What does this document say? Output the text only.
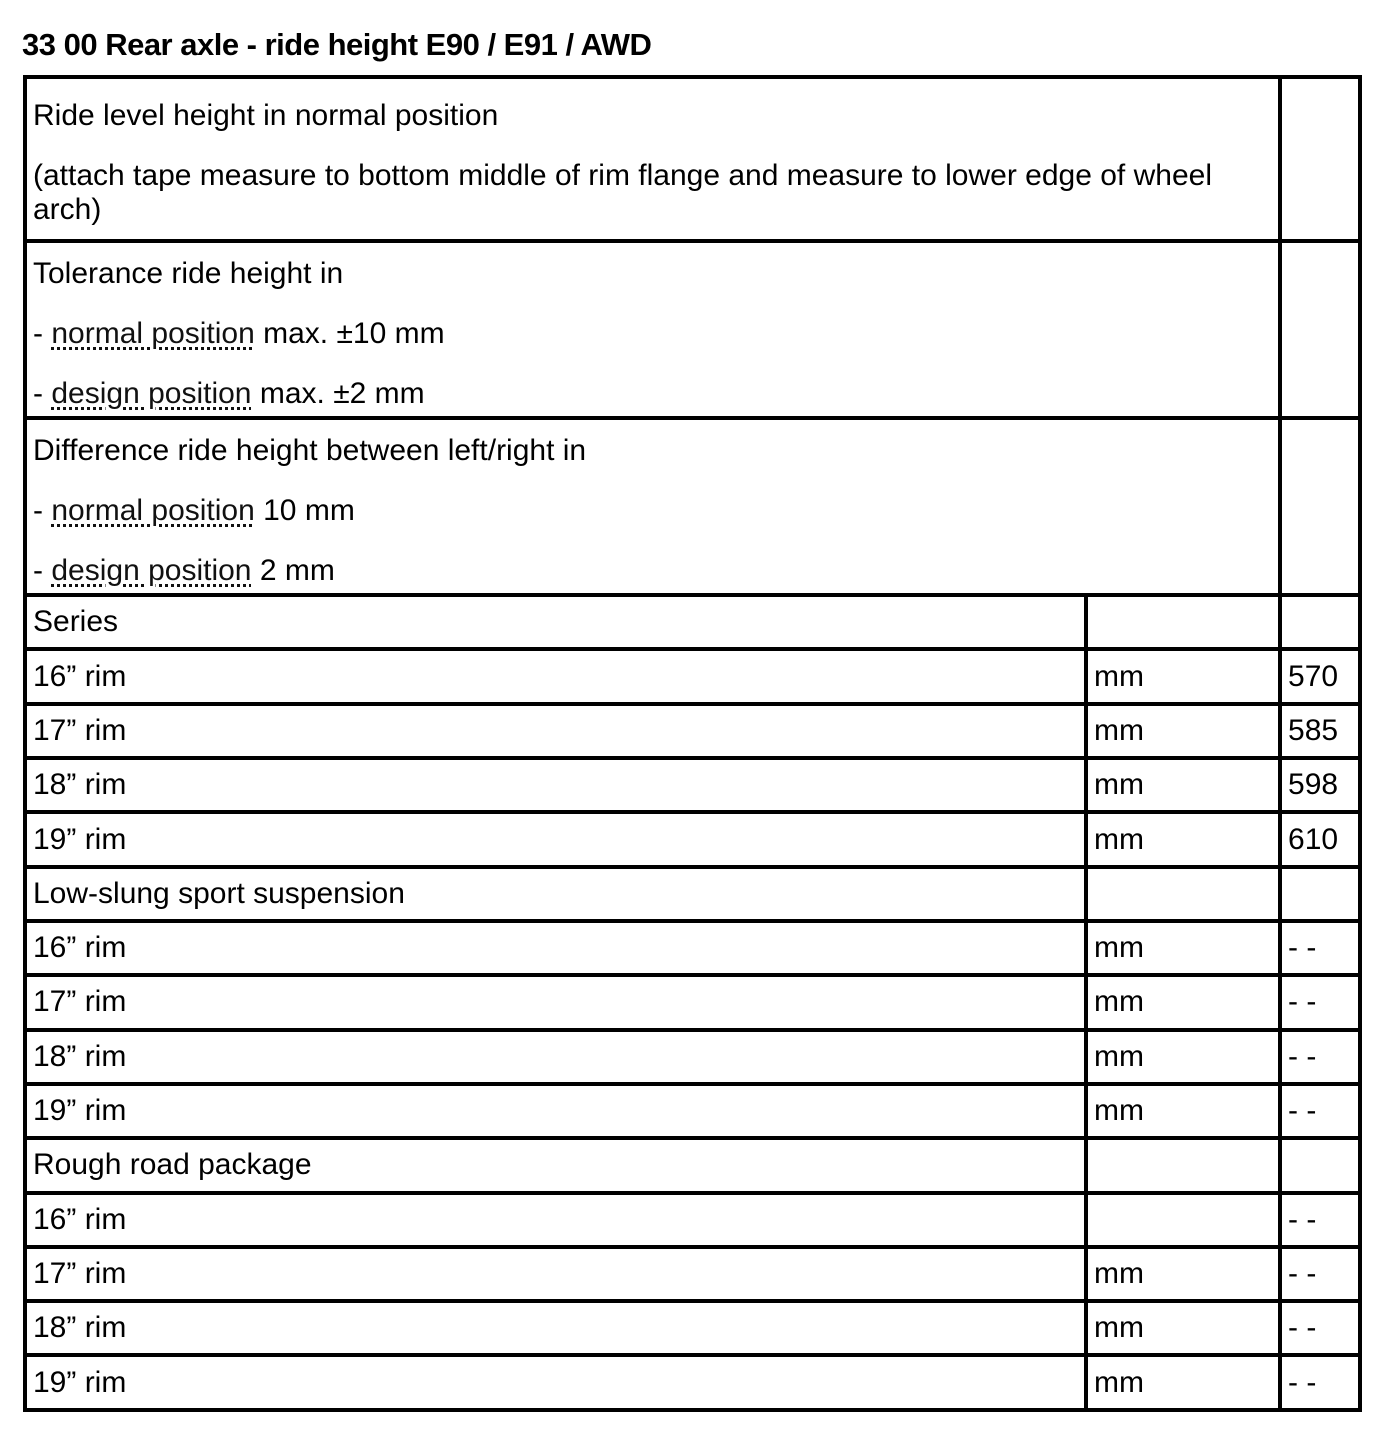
33 00 Rear axle - ride height E90 / E91 / AWD
Ride level height in normal position
(attach tape measure to bottom middle of rim flange and measure to lower edge of wheel arch)		

Tolerance ride height in
- normal position max. ±10 mm
- design position max. ±2 mm		

Difference ride height between left/right in
- normal position 10 mm
- design position 2 mm		

Series		
16” rim	mm	570
17” rim	mm	585
18” rim	mm	598
19” rim	mm	610
Low-slung sport suspension		
16” rim	mm	- -
17” rim	mm	- -
18” rim	mm	- -
19” rim	mm	- -
Rough road package		
16” rim		- -
17” rim	mm	- -
18” rim	mm	- -
19” rim	mm	- -
